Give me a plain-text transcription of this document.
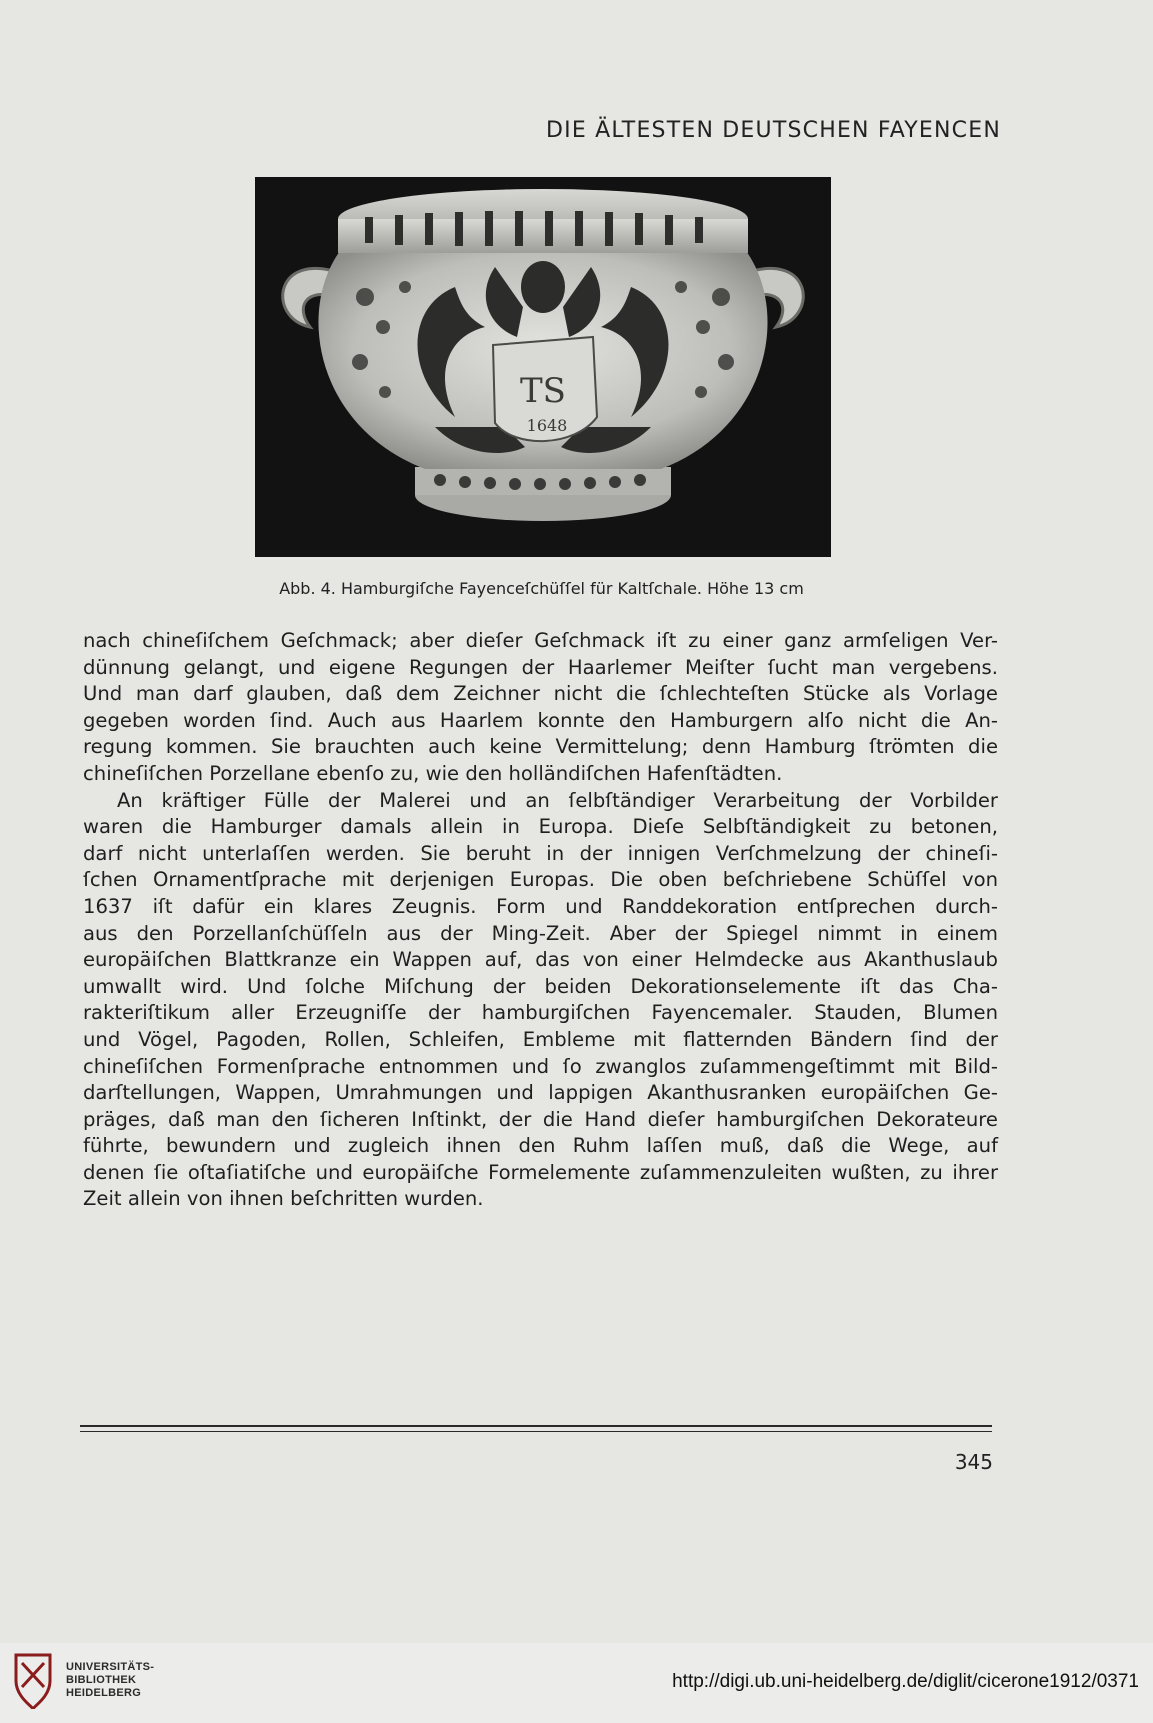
DIE ÄLTESTEN DEUTSCHEN FAYENCEN
TS
1648
Abb. 4. Hamburgiſche Fayenceſchüſſel für Kaltſchale. Höhe 13 cm
nach chineſiſchem Geſchmack; aber dieſer Geſchmack iſt zu einer ganz armſeligen Ver-
dünnung gelangt, und eigene Regungen der Haarlemer Meiſter ſucht man vergebens.
Und man darf glauben, daß dem Zeichner nicht die ſchlechteſten Stücke als Vorlage
gegeben worden ſind. Auch aus Haarlem konnte den Hamburgern alſo nicht die An-
regung kommen. Sie brauchten auch keine Vermittelung; denn Hamburg ſtrömten die
chineſiſchen Porzellane ebenſo zu, wie den holländiſchen Hafenſtädten.
An kräftiger Fülle der Malerei und an ſelbſtändiger Verarbeitung der Vorbilder
waren die Hamburger damals allein in Europa. Dieſe Selbſtändigkeit zu betonen,
darf nicht unterlaſſen werden. Sie beruht in der innigen Verſchmelzung der chineſi-
ſchen Ornamentſprache mit derjenigen Europas. Die oben beſchriebene Schüſſel von
1637 iſt dafür ein klares Zeugnis. Form und Randdekoration entſprechen durch-
aus den Porzellanſchüſſeln aus der Ming-Zeit. Aber der Spiegel nimmt in einem
europäiſchen Blattkranze ein Wappen auf, das von einer Helmdecke aus Akanthuslaub
umwallt wird. Und ſolche Miſchung der beiden Dekorationselemente iſt das Cha-
rakteriſtikum aller Erzeugniſſe der hamburgiſchen Fayencemaler. Stauden, Blumen
und Vögel, Pagoden, Rollen, Schleifen, Embleme mit flatternden Bändern ſind der
chineſiſchen Formenſprache entnommen und ſo zwanglos zuſammengeſtimmt mit Bild-
darſtellungen, Wappen, Umrahmungen und lappigen Akanthusranken europäiſchen Ge-
präges, daß man den ſicheren Inſtinkt, der die Hand dieſer hamburgiſchen Dekorateure
führte, bewundern und zugleich ihnen den Ruhm laſſen muß, daß die Wege, auf
denen ſie oſtaſiatiſche und europäiſche Formelemente zuſammenzuleiten wußten, zu ihrer
Zeit allein von ihnen beſchritten wurden.
345
UNIVERSITÄTS-
BIBLIOTHEK
HEIDELBERG
http://digi.ub.uni-heidelberg.de/diglit/cicerone1912/0371
